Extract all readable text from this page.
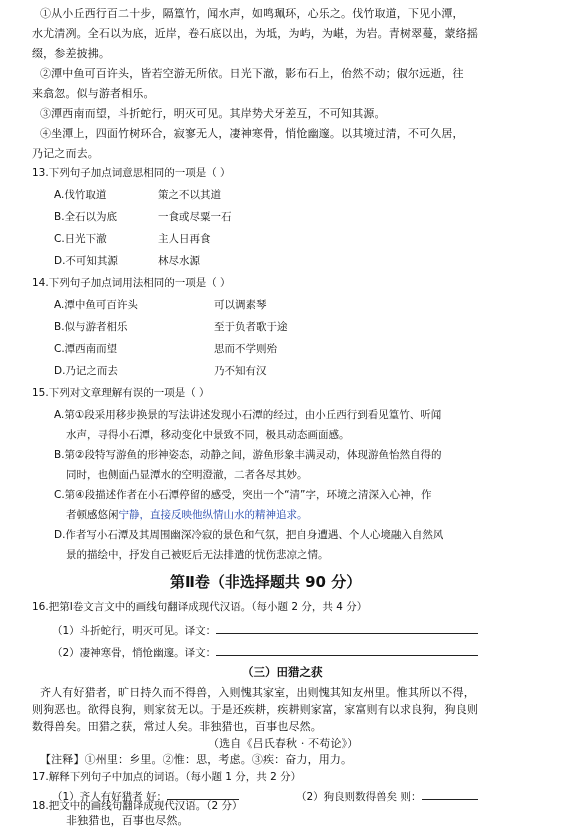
①从小丘西行百二十步，隔篁竹，闻水声，如鸣珮环，心乐之。伐竹取道，下见小潭，
水尤清冽。全石以为底，近岸，卷石底以出，为坻，为屿，为嵁，为岩。青树翠蔓，蒙络摇
缀，参差披拂。
②潭中鱼可百许头，皆若空游无所依。日光下澈，影布石上，佁然不动；俶尔远逝，往
来翕忽。似与游者相乐。
③潭西南而望，斗折蛇行，明灭可见。其岸势犬牙差互，不可知其源。
④坐潭上，四面竹树环合，寂寥无人，凄神寒骨，悄怆幽邃。以其境过清，不可久居，
乃记之而去。
13.下列句子加点词意思相同的一项是（ ）
A.伐竹取道	策之不以其道
B.全石以为底	一食或尽粟一石
C.日光下澈	主人日再食
D.不可知其源	林尽水源
14.下列句子加点词用法相同的一项是（ ）
A.潭中鱼可百许头	可以调素琴
B.似与游者相乐	至于负者歌于途
C.潭西南而望	思而不学则殆
D.乃记之而去	乃不知有汉
15.下列对文章理解有误的一项是（ ）
A.第①段采用移步换景的写法讲述发现小石潭的经过，由小丘西行到看见篁竹、听闻
水声，寻得小石潭，移动变化中景致不同，极具动态画面感。
B.第②段特写游鱼的形神姿态，动静之间，游鱼形象丰满灵动，体现游鱼怡然自得的
同时，也侧面凸显潭水的空明澄澈，二者各尽其妙。
C.第④段描述作者在小石潭停留的感受，突出一个“清”字，环境之清深入心神，作
者顿感悠闲宁静，直接反映他纵情山水的精神追求。
D.作者写小石潭及其周围幽深冷寂的景色和气氛，把自身遭遇、个人心境融入自然风
景的描绘中，抒发自己被贬后无法排遣的忧伤悲凉之情。
第Ⅱ卷（非选择题共 90 分）
16.把第Ⅰ卷文言文中的画线句翻译成现代汉语。（每小题 2 分，共 4 分）
（1）斗折蛇行，明灭可见。译文：
（2）凄神寒骨，悄怆幽邃。译文：
（三）田猎之获
齐人有好猎者，旷日持久而不得兽，入则愧其家室，出则愧其知友州里。惟其所以不得，
则狗恶也。欲得良狗，则家贫无以。于是还疾耕，疾耕则家富，家富则有以求良狗，狗良则
数得兽矣。田猎之获，常过人矣。非独猎也，百事也尽然。
（选自《吕氏春秋 · 不苟论》）
【注释】①州里：乡里。②惟：思，考虑。③疾：奋力，用力。
17.解释下列句子中加点的词语。（每小题 1 分，共 2 分）
（1）齐人有好猎者 好：	（2）狗良则数得兽矣 则：
18.把文中的画线句翻译成现代汉语。（2 分）
非独猎也，百事也尽然。
